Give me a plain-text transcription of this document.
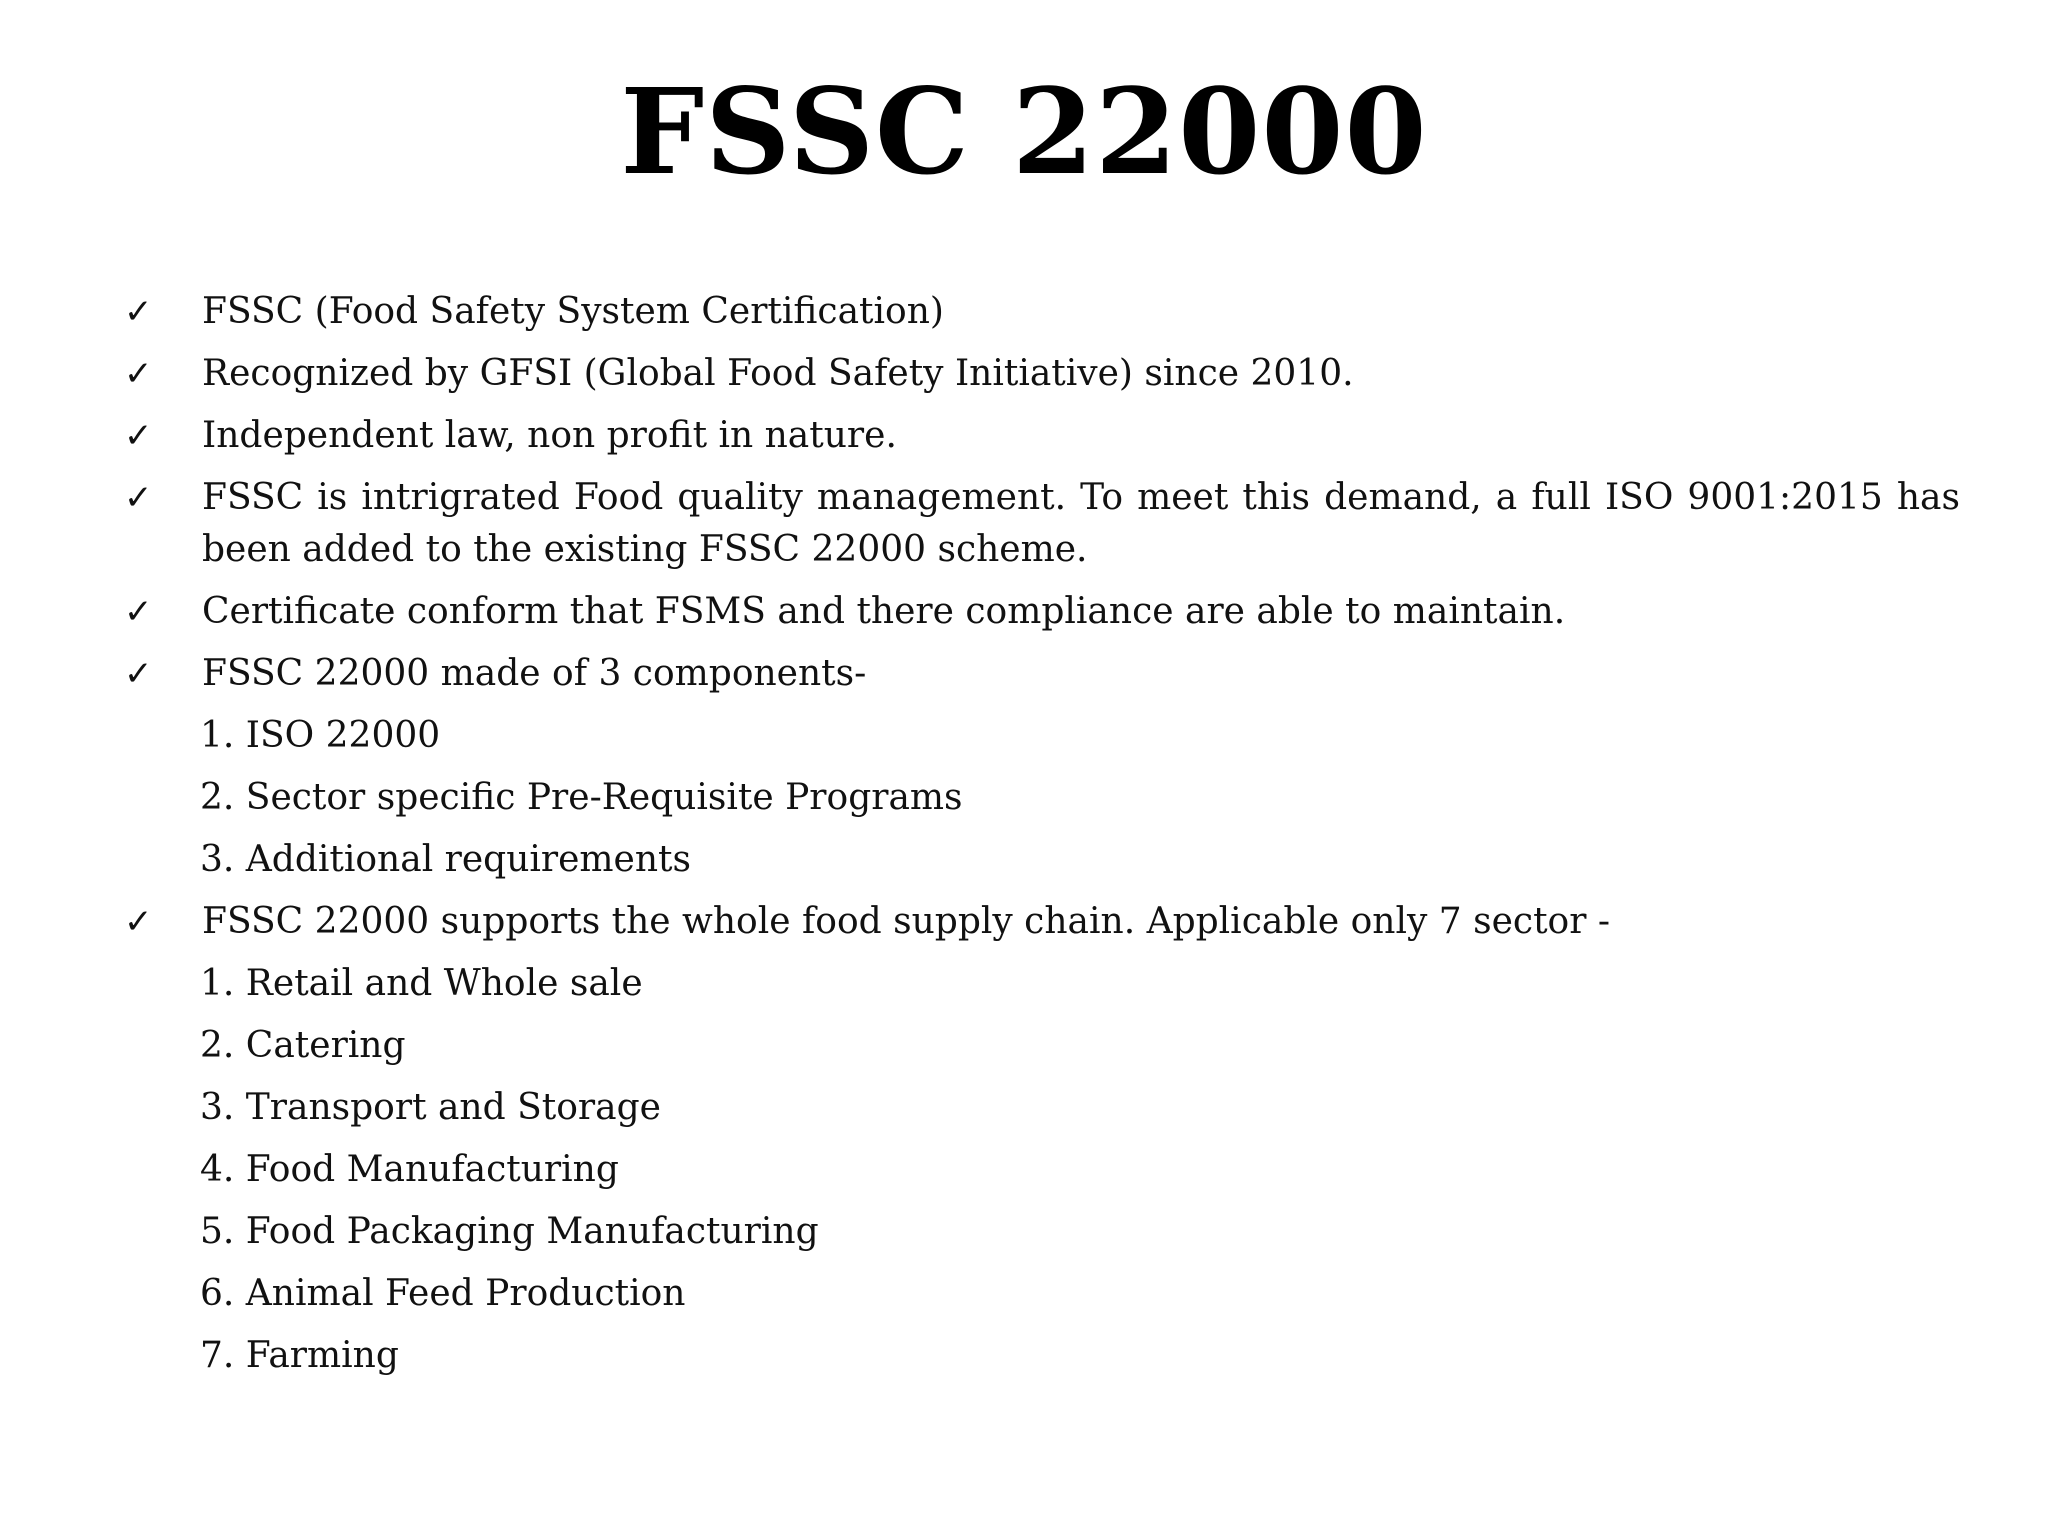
FSSC 22000
✓	FSSC (Food Safety System Certification)
✓	Recognized by GFSI (Global Food Safety Initiative) since 2010.
✓	Independent law, non profit in nature.
✓	FSSC is intrigrated Food quality management. To meet this demand, a full ISO 9001:2015 has been added to the existing FSSC 22000 scheme.
✓	Certificate conform that FSMS and there compliance are able to maintain.
✓	FSSC 22000 made of 3 components-
1. ISO 22000
2. Sector specific Pre-Requisite Programs
3. Additional requirements
✓	FSSC 22000 supports the whole food supply chain. Applicable only 7 sector -
1. Retail and Whole sale
2. Catering
3. Transport and Storage
4. Food Manufacturing
5. Food Packaging Manufacturing
6. Animal Feed Production
7. Farming
